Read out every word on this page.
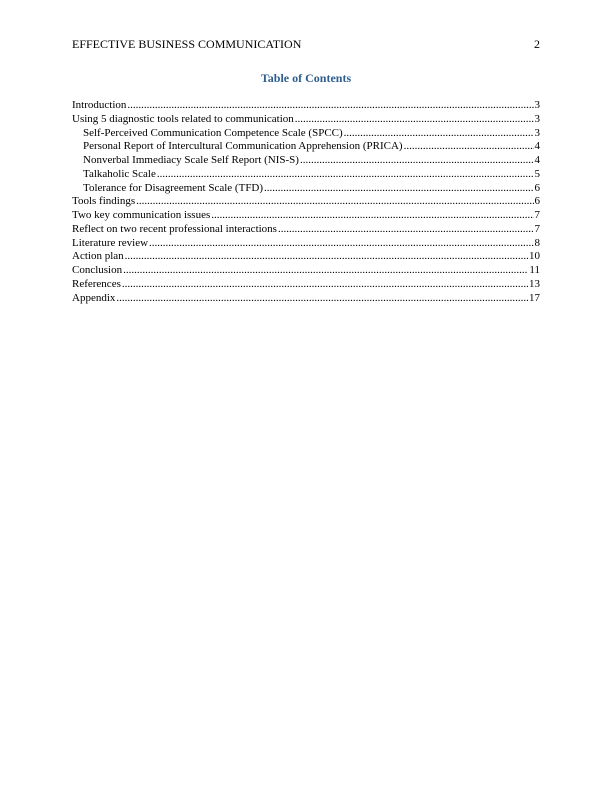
EFFECTIVE BUSINESS COMMUNICATION	2
Table of Contents
Introduction .....	3
Using 5 diagnostic tools related to communication .....	3
Self-Perceived Communication Competence Scale (SPCC) .....	3
Personal Report of Intercultural Communication Apprehension (PRICA) .....	4
Nonverbal Immediacy Scale Self Report (NIS-S) .....	4
Talkaholic Scale .....	5
Tolerance for Disagreement Scale (TFD) .....	6
Tools findings .....	6
Two key communication issues .....	7
Reflect on two recent professional interactions .....	7
Literature review .....	8
Action plan .....	10
Conclusion .....	11
References .....	13
Appendix .....	17
